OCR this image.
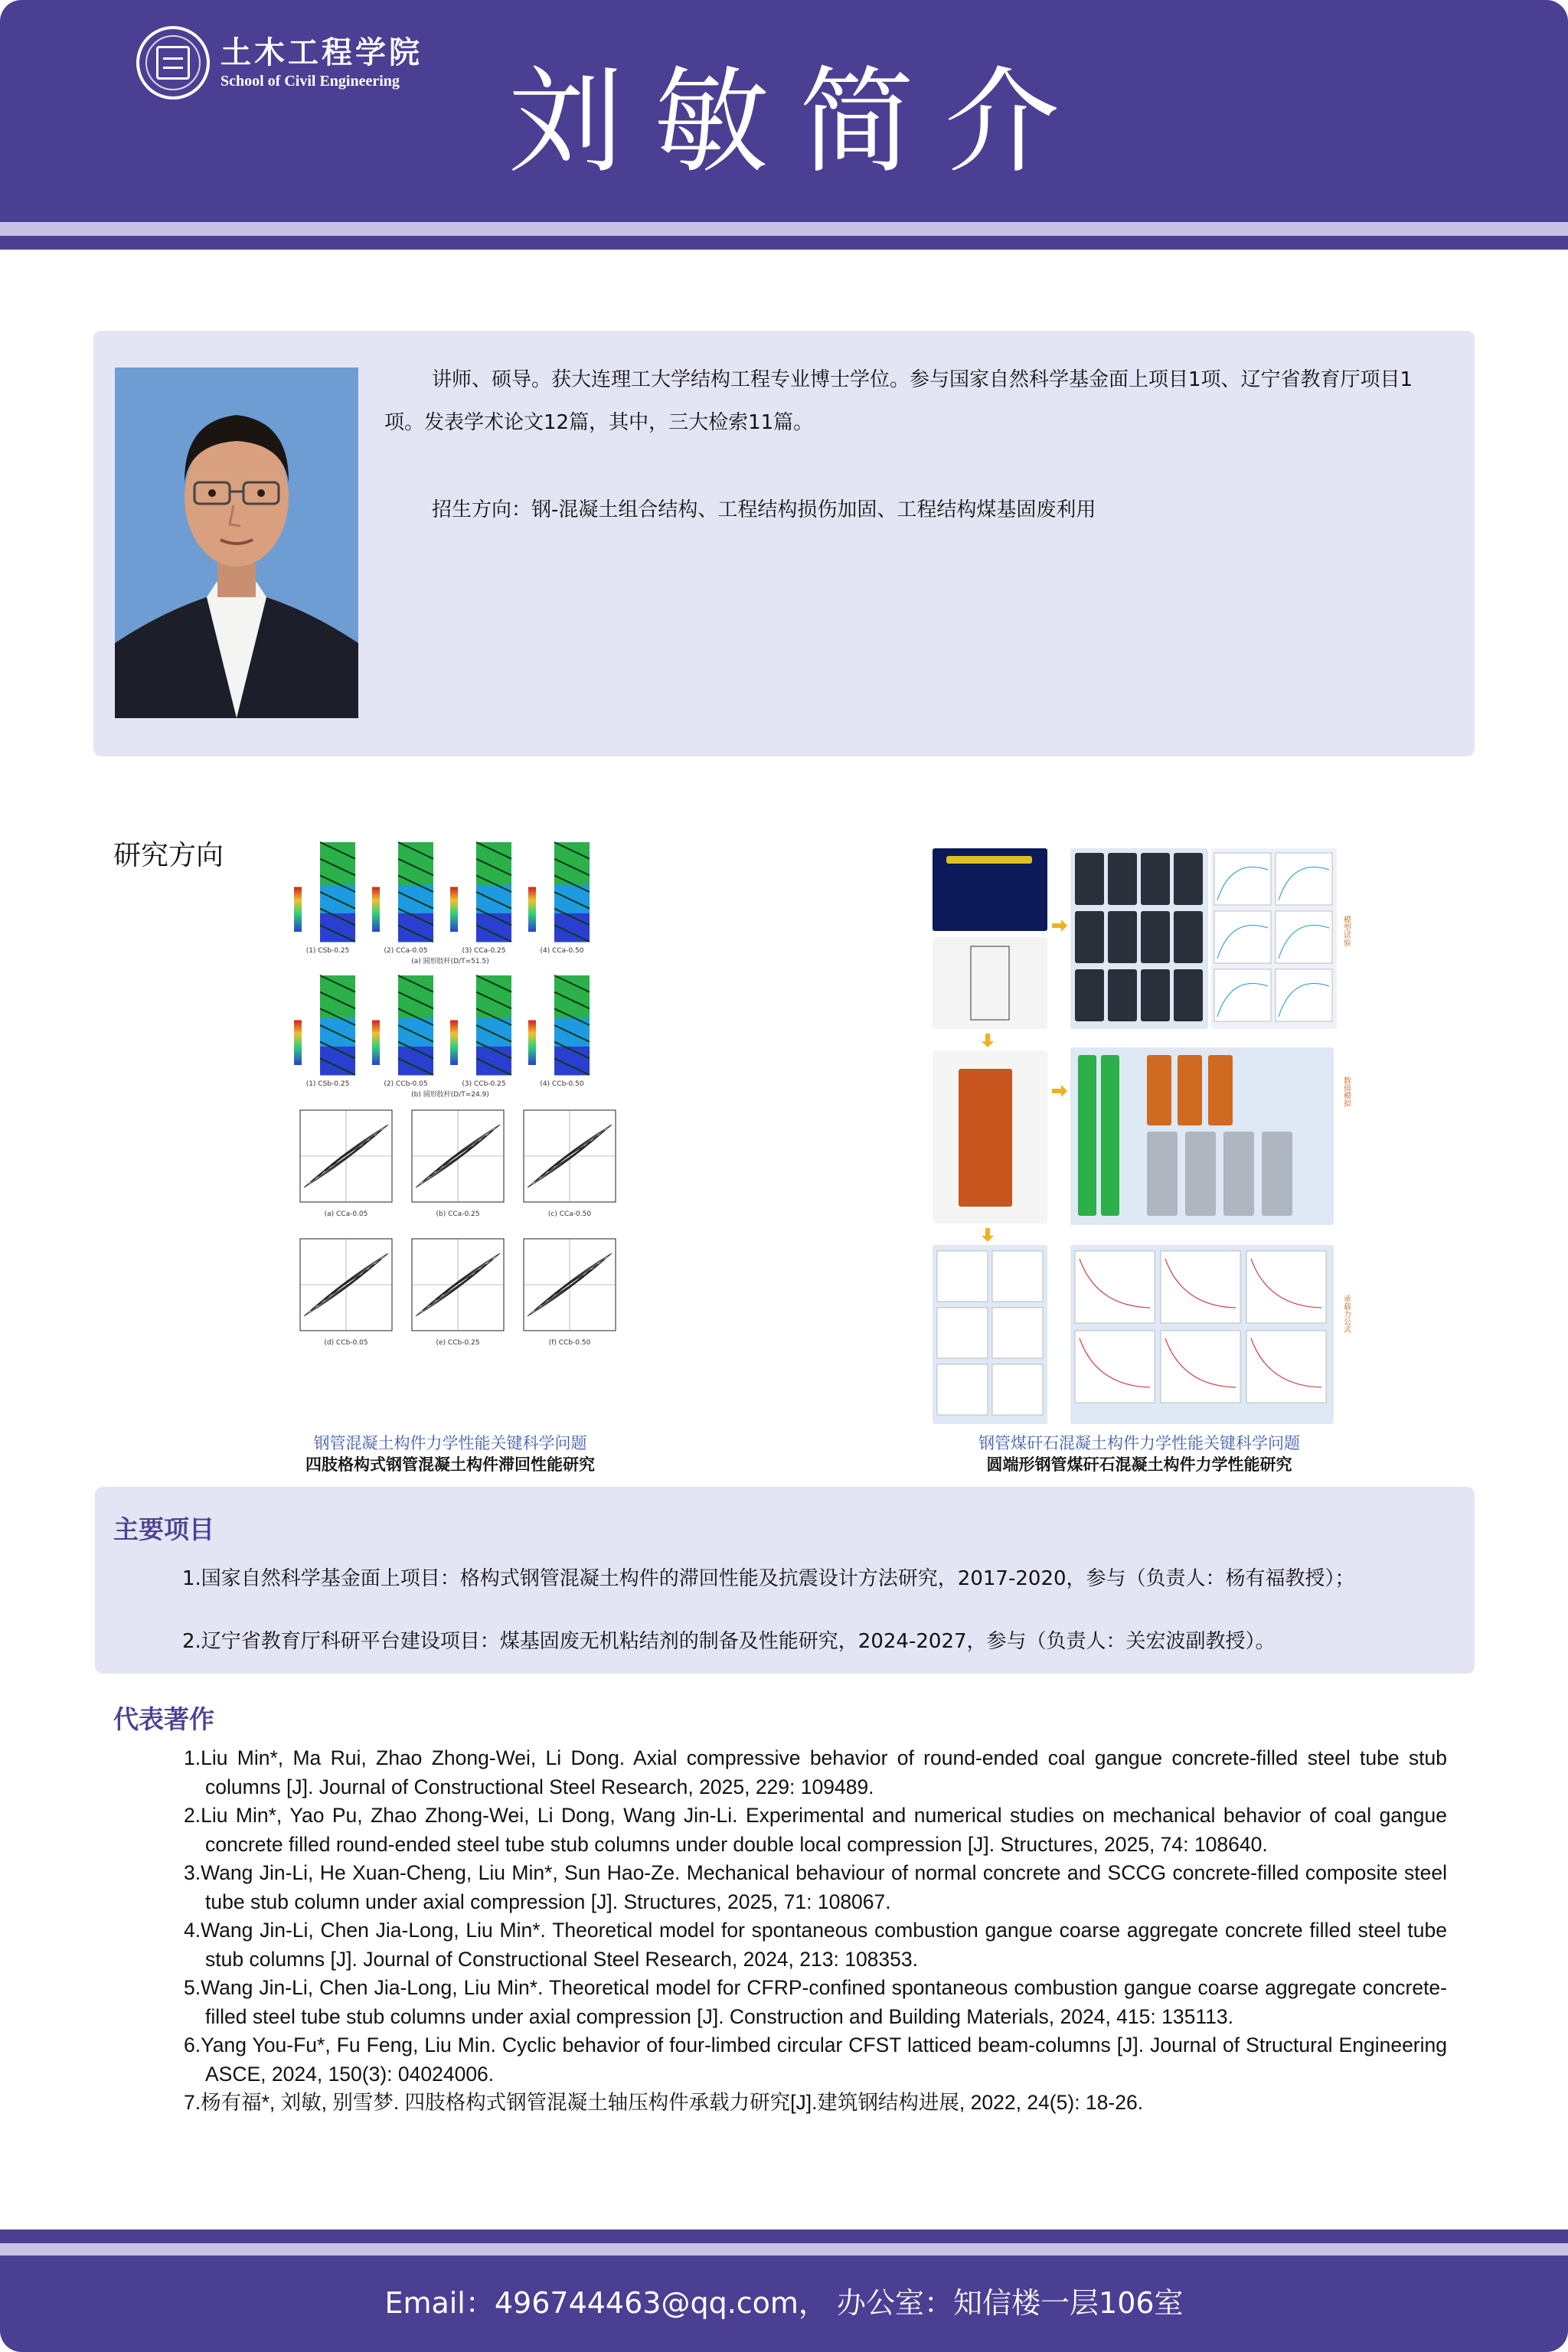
土木工程学院
School of Civil Engineering 刘敏简介
讲师、硕导。获大连理工大学结构工程专业博士学位。参与国家自然科学基金面上项目1项、辽宁省教育厅项目1项。发表学术论文12篇，其中，三大检索11篇。
招生方向：钢-混凝土组合结构、工程结构损伤加固、工程结构煤基固废利用
研究方向
(1) CSb-0.25	(2) CCa-0.05	(3) CCa-0.25	(4) CCa-0.50
(a) 圆形肢杆(D/T=51.5)
(1) CSb-0.25	(2) CCb-0.05	(3) CCb-0.25	(4) CCb-0.50
(b) 圆形肢杆(D/T=24.9)
(a) CCa-0.05	(b) CCa-0.25	(c) CCa-0.50
(d) CCb-0.05	(e) CCb-0.25	(f) CCb-0.50
钢管混凝土构件力学性能关键科学问题
四肢格构式钢管混凝土构件滞回性能研究
模型试验
数值模拟
承载力公式
钢管煤矸石混凝土构件力学性能关键科学问题
圆端形钢管煤矸石混凝土构件力学性能研究
主要项目
1.国家自然科学基金面上项目：格构式钢管混凝土构件的滞回性能及抗震设计方法研究，2017-2020，参与（负责人：杨有福教授）；
2.辽宁省教育厅科研平台建设项目：煤基固废无机粘结剂的制备及性能研究，2024-2027，参与（负责人：关宏波副教授）。
代表著作
1.Liu Min*, Ma Rui, Zhao Zhong-Wei, Li Dong. Axial compressive behavior of round-ended coal gangue concrete-filled steel tube stub columns [J]. Journal of Constructional Steel Research, 2025, 229: 109489.
2.Liu Min*, Yao Pu, Zhao Zhong-Wei, Li Dong, Wang Jin-Li. Experimental and numerical studies on mechanical behavior of coal gangue concrete filled round-ended steel tube stub columns under double local compression [J]. Structures, 2025, 74: 108640.
3.Wang Jin-Li, He Xuan-Cheng, Liu Min*, Sun Hao-Ze. Mechanical behaviour of normal concrete and SCCG concrete-filled composite steel tube stub column under axial compression [J]. Structures, 2025, 71: 108067.
4.Wang Jin-Li, Chen Jia-Long, Liu Min*. Theoretical model for spontaneous combustion gangue coarse aggregate concrete filled steel tube stub columns [J]. Journal of Constructional Steel Research, 2024, 213: 108353.
5.Wang Jin-Li, Chen Jia-Long, Liu Min*. Theoretical model for CFRP-confined spontaneous combustion gangue coarse aggregate concrete-filled steel tube stub columns under axial compression [J]. Construction and Building Materials, 2024, 415: 135113.
6.Yang You-Fu*, Fu Feng, Liu Min. Cyclic behavior of four-limbed circular CFST latticed beam-columns [J]. Journal of Structural Engineering ASCE, 2024, 150(3): 04024006.
7.杨有福*, 刘敏, 别雪梦. 四肢格构式钢管混凝土轴压构件承载力研究[J].建筑钢结构进展, 2022, 24(5): 18-26.
Email：496744463@qq.com， 办公室：知信楼一层106室
